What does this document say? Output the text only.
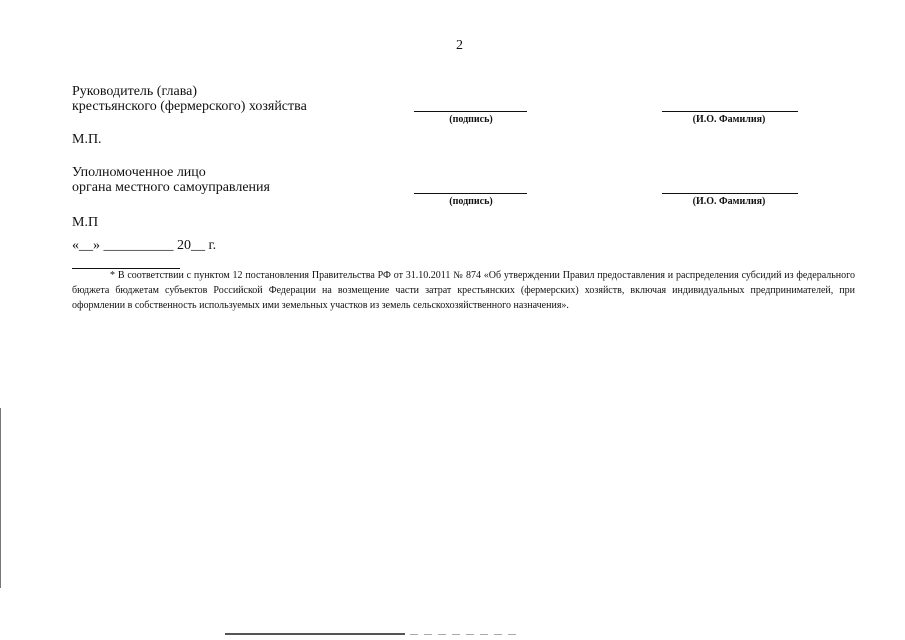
2
Руководитель (глава)
крестьянского (фермерского) хозяйства
(подпись)	(И.О. Фамилия)
М.П.
Уполномоченное лицо
органа местного самоуправления
(подпись)	(И.О. Фамилия)
М.П
«__» __________ 20__ г.
* В соответствии с пунктом 12 постановления Правительства РФ от 31.10.2011 № 874 «Об утверждении Правил предоставления и распределения субсидий из федерального бюджета бюджетам субъектов Российской Федерации на возмещение части затрат крестьянских (фермерских) хозяйств, включая индивидуальных предпринимателей, при оформлении в собственность используемых ими земельных участков из земель сельскохозяйственного назначения».
